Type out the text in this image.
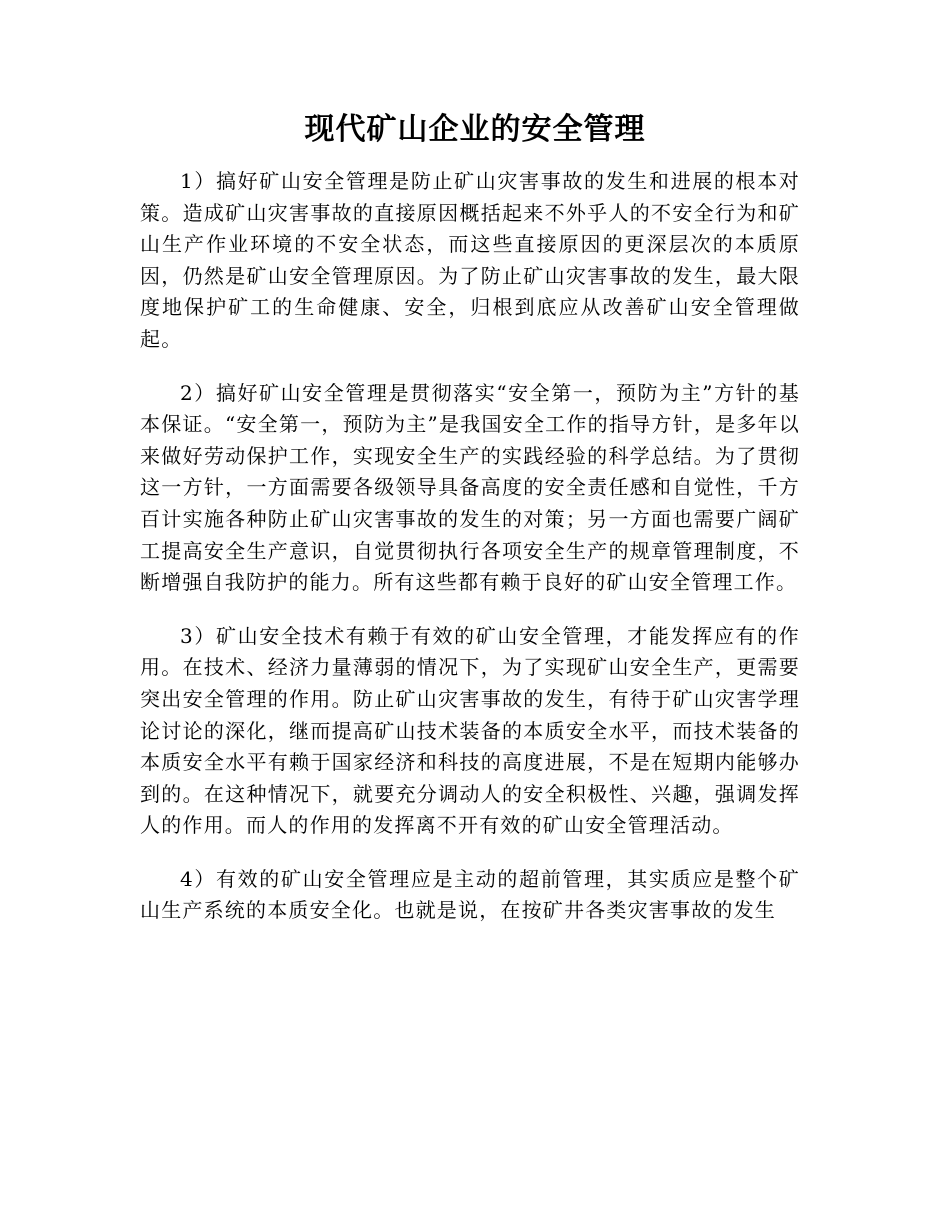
现代矿山企业的安全管理

1）搞好矿山安全管理是防止矿山灾害事故的发生和进展的根本对策。造成矿山灾害事故的直接原因概括起来不外乎人的不安全行为和矿山生产作业环境的不安全状态，而这些直接原因的更深层次的本质原因，仍然是矿山安全管理原因。为了防止矿山灾害事故的发生，最大限度地保护矿工的生命健康、安全，归根到底应从改善矿山安全管理做起。

2）搞好矿山安全管理是贯彻落实“安全第一，预防为主”方针的基本保证。“安全第一，预防为主”是我国安全工作的指导方针，是多年以来做好劳动保护工作，实现安全生产的实践经验的科学总结。为了贯彻这一方针，一方面需要各级领导具备高度的安全责任感和自觉性，千方百计实施各种防止矿山灾害事故的发生的对策；另一方面也需要广阔矿工提高安全生产意识，自觉贯彻执行各项安全生产的规章管理制度，不断增强自我防护的能力。所有这些都有赖于良好的矿山安全管理工作。

3）矿山安全技术有赖于有效的矿山安全管理，才能发挥应有的作用。在技术、经济力量薄弱的情况下，为了实现矿山安全生产，更需要突出安全管理的作用。防止矿山灾害事故的发生，有待于矿山灾害学理论讨论的深化，继而提高矿山技术装备的本质安全水平，而技术装备的本质安全水平有赖于国家经济和科技的高度进展，不是在短期内能够办到的。在这种情况下，就要充分调动人的安全积极性、兴趣，强调发挥人的作用。而人的作用的发挥离不开有效的矿山安全管理活动。

4）有效的矿山安全管理应是主动的超前管理，其实质应是整个矿山生产系统的本质安全化。也就是说，在按矿井各类灾害事故的发生
